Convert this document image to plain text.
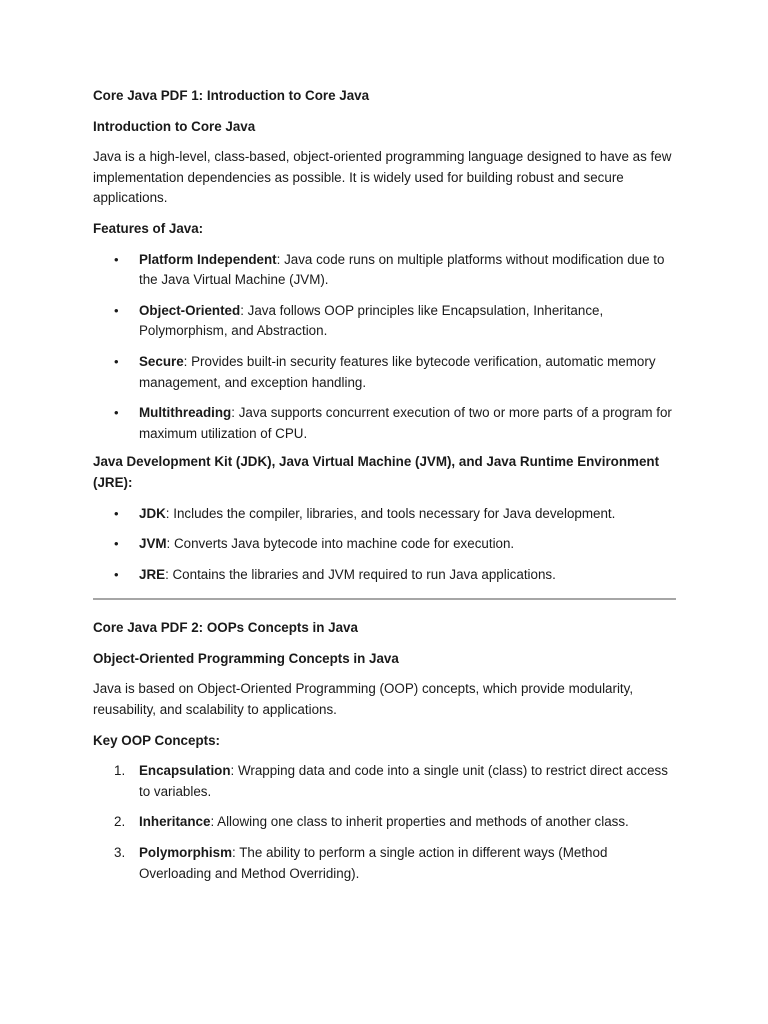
Core Java PDF 1: Introduction to Core Java
Introduction to Core Java
Java is a high-level, class-based, object-oriented programming language designed to have as few implementation dependencies as possible. It is widely used for building robust and secure applications.
Features of Java:
• Platform Independent: Java code runs on multiple platforms without modification due to the Java Virtual Machine (JVM).
• Object-Oriented: Java follows OOP principles like Encapsulation, Inheritance, Polymorphism, and Abstraction.
• Secure: Provides built-in security features like bytecode verification, automatic memory management, and exception handling.
• Multithreading: Java supports concurrent execution of two or more parts of a program for maximum utilization of CPU.
Java Development Kit (JDK), Java Virtual Machine (JVM), and Java Runtime Environment (JRE):
• JDK: Includes the compiler, libraries, and tools necessary for Java development.
• JVM: Converts Java bytecode into machine code for execution.
• JRE: Contains the libraries and JVM required to run Java applications.
Core Java PDF 2: OOPs Concepts in Java
Object-Oriented Programming Concepts in Java
Java is based on Object-Oriented Programming (OOP) concepts, which provide modularity, reusability, and scalability to applications.
Key OOP Concepts:
1. Encapsulation: Wrapping data and code into a single unit (class) to restrict direct access to variables.
2. Inheritance: Allowing one class to inherit properties and methods of another class.
3. Polymorphism: The ability to perform a single action in different ways (Method Overloading and Method Overriding).
